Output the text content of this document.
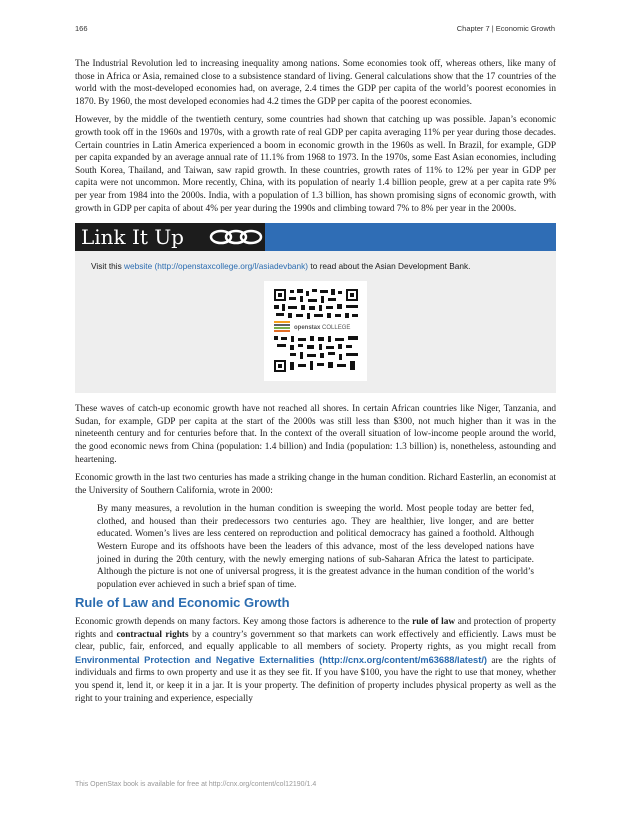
166	Chapter 7 | Economic Growth

The Industrial Revolution led to increasing inequality among nations. Some economies took off, whereas others, like many of those in Africa or Asia, remained close to a subsistence standard of living. General calculations show that the 17 countries of the world with the most-developed economies had, on average, 2.4 times the GDP per capita of the world’s poorest economies in 1870. By 1960, the most developed economies had 4.2 times the GDP per capita of the poorest economies.

However, by the middle of the twentieth century, some countries had shown that catching up was possible. Japan’s economic growth took off in the 1960s and 1970s, with a growth rate of real GDP per capita averaging 11% per year during those decades. Certain countries in Latin America experienced a boom in economic growth in the 1960s as well. In Brazil, for example, GDP per capita expanded by an average annual rate of 11.1% from 1968 to 1973. In the 1970s, some East Asian economies, including South Korea, Thailand, and Taiwan, saw rapid growth. In these countries, growth rates of 11% to 12% per year in GDP per capita were not uncommon. More recently, China, with its population of nearly 1.4 billion people, grew at a per capita rate 9% per year from 1984 into the 2000s. India, with a population of 1.3 billion, has shown promising signs of economic growth, with growth in GDP per capita of about 4% per year during the 1990s and climbing toward 7% to 8% per year in the 2000s.

Link It Up
Visit this website (http://openstaxcollege.org/l/asiadevbank) to read about the Asian Development Bank.
openstax COLLEGE

These waves of catch-up economic growth have not reached all shores. In certain African countries like Niger, Tanzania, and Sudan, for example, GDP per capita at the start of the 2000s was still less than $300, not much higher than it was in the nineteenth century and for centuries before that. In the context of the overall situation of low-income people around the world, the good economic news from China (population: 1.4 billion) and India (population: 1.3 billion) is, nonetheless, astounding and heartening.

Economic growth in the last two centuries has made a striking change in the human condition. Richard Easterlin, an economist at the University of Southern California, wrote in 2000:

By many measures, a revolution in the human condition is sweeping the world. Most people today are better fed, clothed, and housed than their predecessors two centuries ago. They are healthier, live longer, and are better educated. Women’s lives are less centered on reproduction and political democracy has gained a foothold. Although Western Europe and its offshoots have been the leaders of this advance, most of the less developed nations have joined in during the 20th century, with the newly emerging nations of sub-Saharan Africa the latest to participate. Although the picture is not one of universal progress, it is the greatest advance in the human condition of the world’s population ever achieved in such a brief span of time.

Rule of Law and Economic Growth

Economic growth depends on many factors. Key among those factors is adherence to the rule of law and protection of property rights and contractual rights by a country’s government so that markets can work effectively and efficiently. Laws must be clear, public, fair, enforced, and equally applicable to all members of society. Property rights, as you might recall from Environmental Protection and Negative Externalities (http://cnx.org/content/m63688/latest/) are the rights of individuals and firms to own property and use it as they see fit. If you have $100, you have the right to use that money, whether you spend it, lend it, or keep it in a jar. It is your property. The definition of property includes physical property as well as the right to your training and experience, especially

This OpenStax book is available for free at http://cnx.org/content/col12190/1.4
